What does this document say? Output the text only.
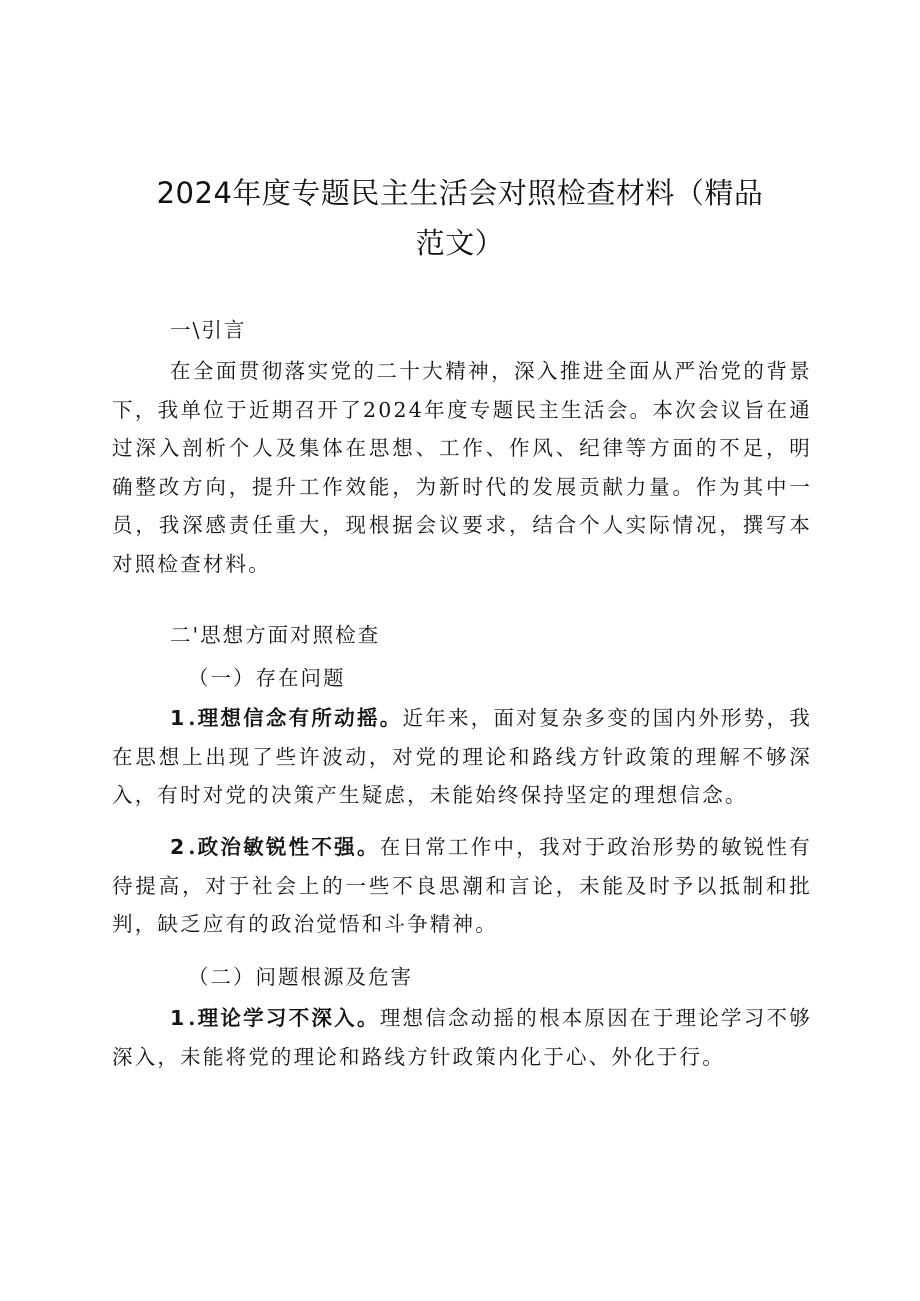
2024年度专题民主生活会对照检查材料（精品范文）
一\引言
在全面贯彻落实党的二十大精神，深入推进全面从严治党的背景下，我单位于近期召开了2024年度专题民主生活会。本次会议旨在通过深入剖析个人及集体在思想、工作、作风、纪律等方面的不足，明确整改方向，提升工作效能，为新时代的发展贡献力量。作为其中一员，我深感责任重大，现根据会议要求，结合个人实际情况，撰写本对照检查材料。
二'思想方面对照检查
（一）存在问题
1.理想信念有所动摇。近年来，面对复杂多变的国内外形势，我在思想上出现了些许波动，对党的理论和路线方针政策的理解不够深入，有时对党的决策产生疑虑，未能始终保持坚定的理想信念。
2.政治敏锐性不强。在日常工作中，我对于政治形势的敏锐性有待提高，对于社会上的一些不良思潮和言论，未能及时予以抵制和批判，缺乏应有的政治觉悟和斗争精神。
（二）问题根源及危害
1.理论学习不深入。理想信念动摇的根本原因在于理论学习不够深入，未能将党的理论和路线方针政策内化于心、外化于行。
